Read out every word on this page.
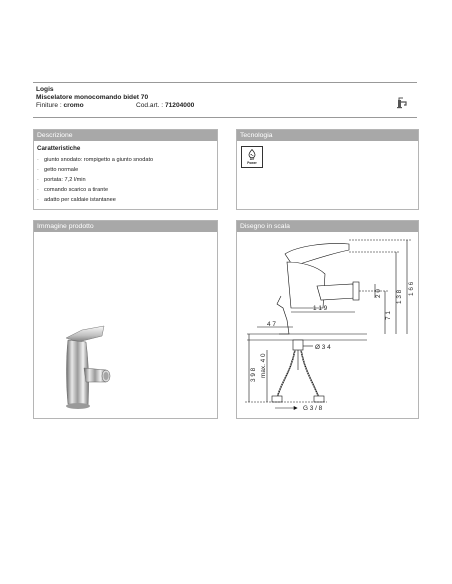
Logis
Miscelatore monocomando bidet 70
Finiture : cromo	Cod.art. : 71204000
Descrizione
Caratteristiche
· giunto snodato: rompigetto a giunto snodato
· getto normale
· portata: 7,2 l/min
· comando scarico a tirante
· adatto per caldaie istantanee
Tecnologia
Air
Power
Immagine prodotto	Disegno in scala
1 6 6
1 3 8
7 1
2 0
1 1 9
4 7
Ø 3 4
3 9 8 max. 4 0
G 3 / 8
